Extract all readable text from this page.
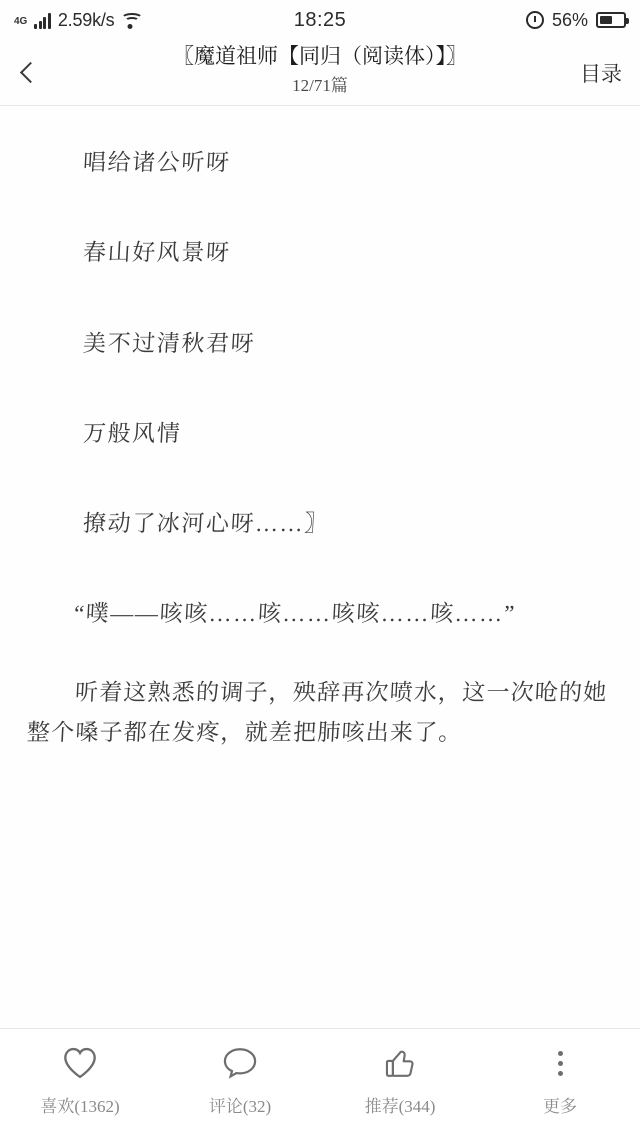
4G 2.59k/s	18:25	56%
〖魔道祖师【同归（阅读体）】〗
12/71篇
目录

唱给诸公听呀

春山好风景呀

美不过清秋君呀

万般风情

撩动了冰河心呀……〗

“噗——咳咳……咳……咳咳……咳……”

听着这熟悉的调子，殃辞再次喷水，这一次呛的她整个嗓子都在发疼，就差把肺咳出来了。

喜欢(1362)	评论(32)	推荐(344)	更多
